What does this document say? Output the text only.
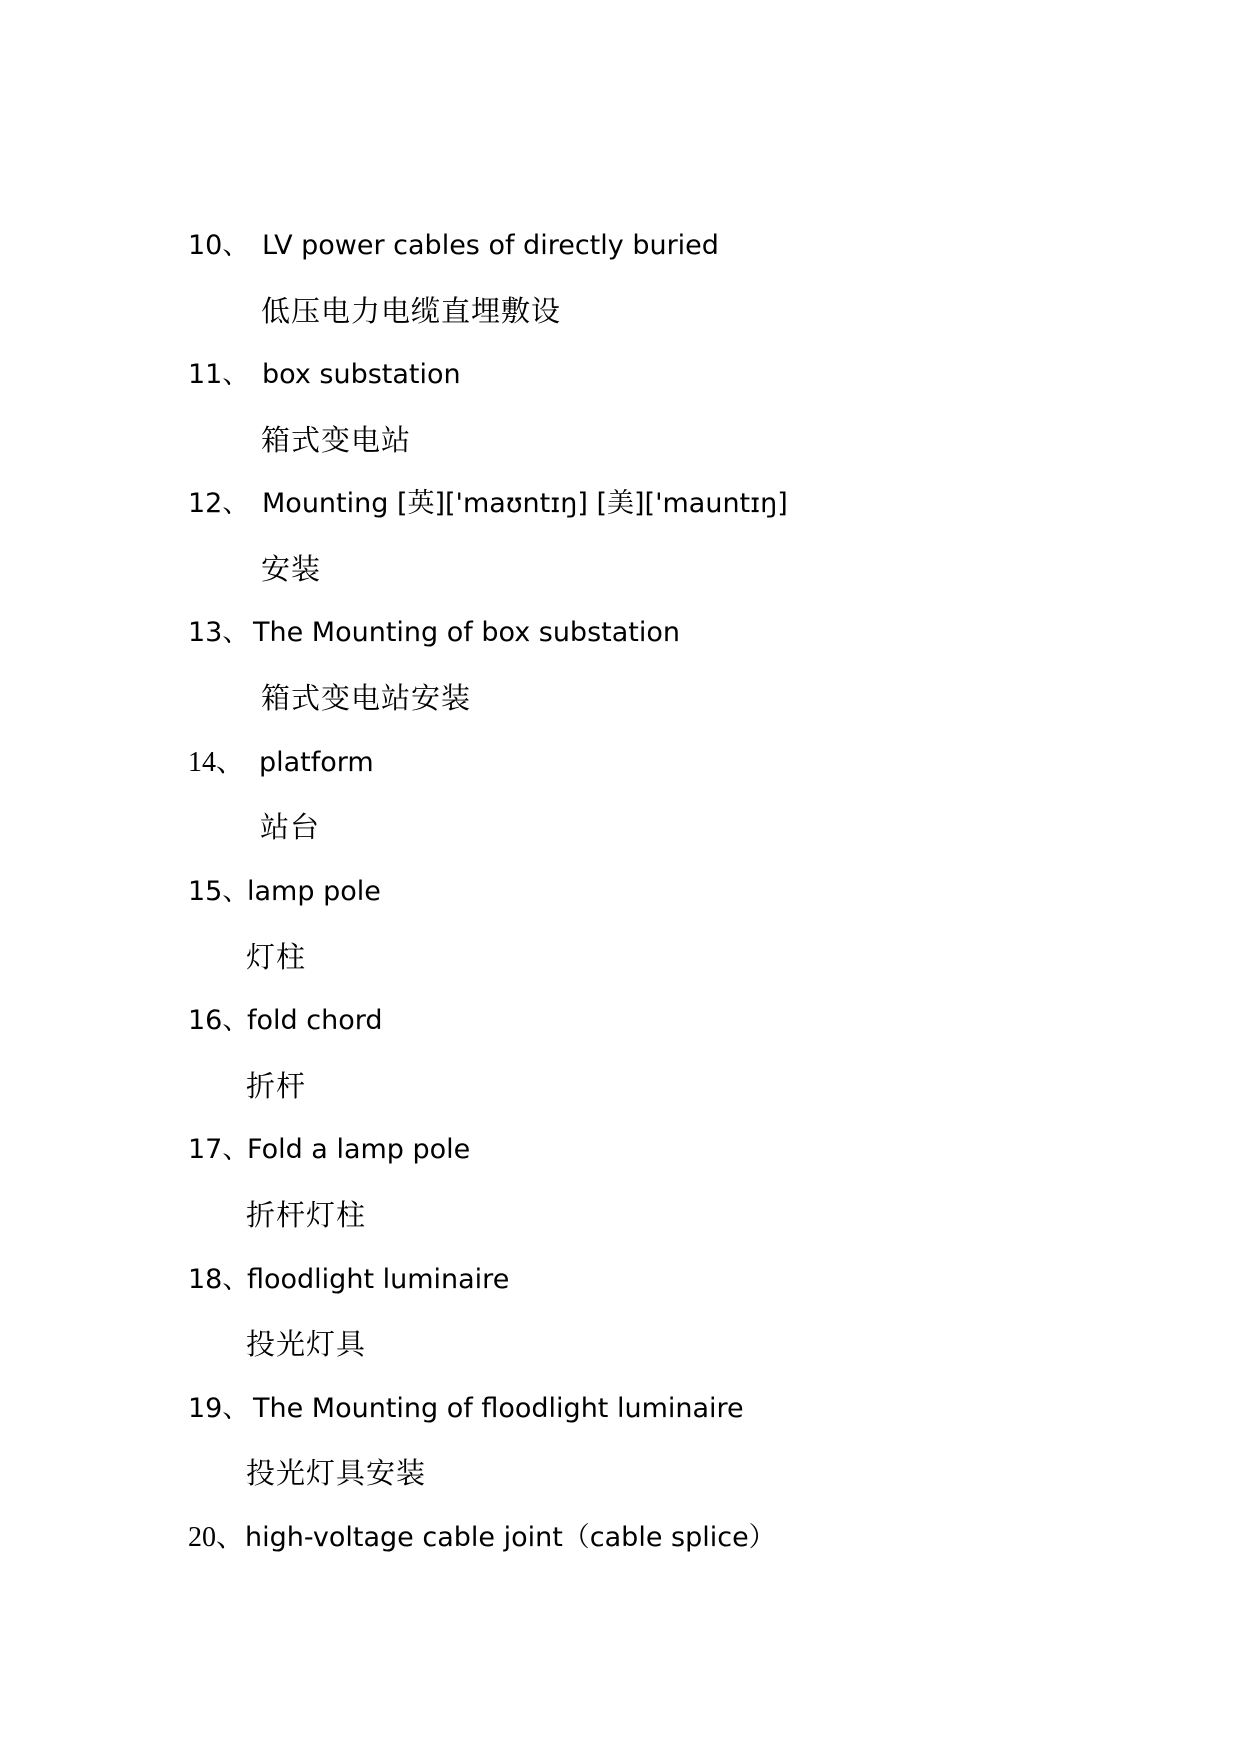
10、 LV power cables of directly buried
低压电力电缆直埋敷设
11、 box substation
箱式变电站
12、 Mounting [英]['maʊntɪŋ] [美]['mauntɪŋ]
安装
13、 The Mounting of box substation
箱式变电站安装
14、 platform
站台
15、
lamp pole
灯柱
16、
fold chord
折杆
17、
Fold a lamp pole
折杆灯柱
18、
floodlight luminaire
投光灯具
19、 The Mounting of floodlight luminaire
投光灯具安装
20、 high-voltage cable joint（cable splice）
